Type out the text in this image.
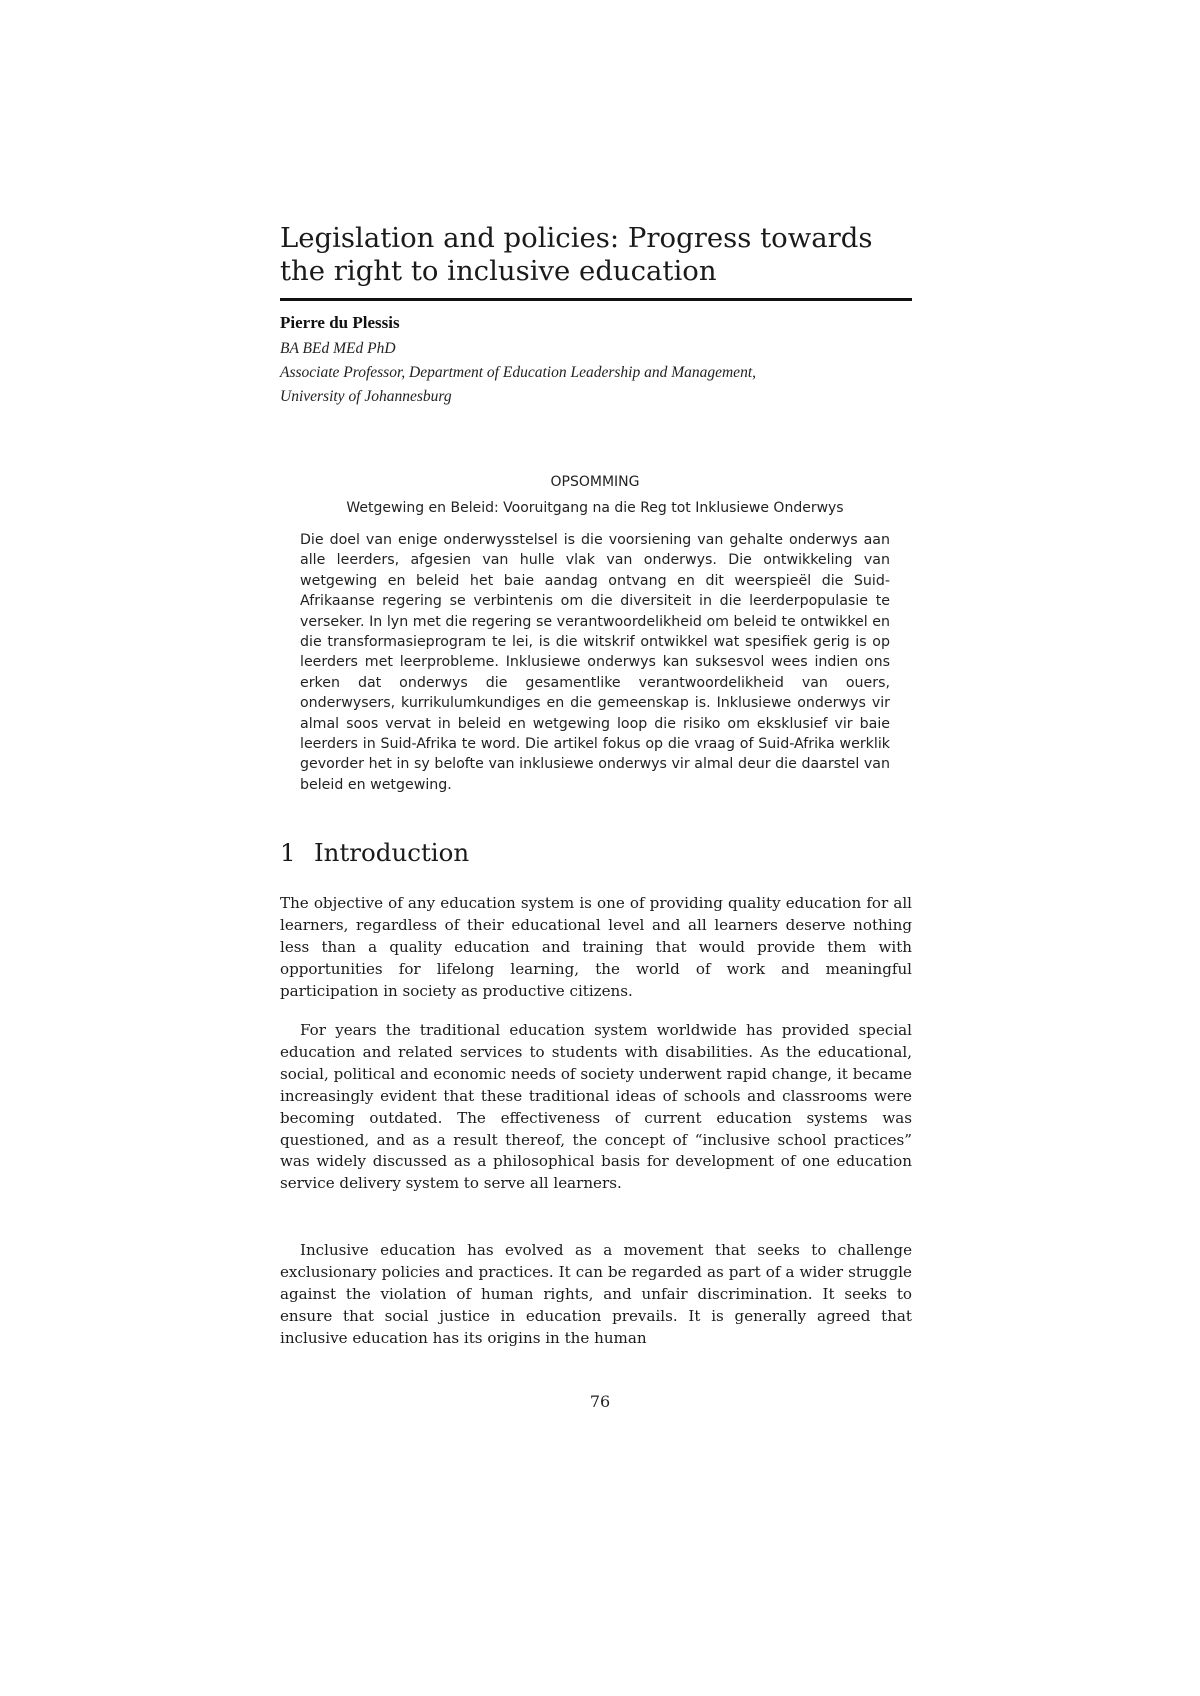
Legislation and policies: Progress towards the right to inclusive education
Pierre du Plessis
BA BEd MEd PhD
Associate Professor, Department of Education Leadership and Management,
University of Johannesburg
OPSOMMING
Wetgewing en Beleid: Vooruitgang na die Reg tot Inklusiewe Onderwys

Die doel van enige onderwysstelsel is die voorsiening van gehalte onderwys aan alle leerders, afgesien van hulle vlak van onderwys. Die ontwikkeling van wetgewing en beleid het baie aandag ontvang en dit weerspieël die Suid-Afrikaanse regering se verbintenis om die diversiteit in die leerderpopulasie te verseker. In lyn met die regering se verantwoordelikheid om beleid te ontwikkel en die transformasieprogram te lei, is die witskrif ontwikkel wat spesifiek gerig is op leerders met leerprobleme. Inklusiewe onderwys kan suksesvol wees indien ons erken dat onderwys die gesamentlike verantwoordelikheid van ouers, onderwysers, kurrikulumkundiges en die gemeenskap is. Inklusiewe onderwys vir almal soos vervat in beleid en wetgewing loop die risiko om eksklusief vir baie leerders in Suid-Afrika te word. Die artikel fokus op die vraag of Suid-Afrika werklik gevorder het in sy belofte van inklusiewe onderwys vir almal deur die daarstel van beleid en wetgewing.

1 Introduction

The objective of any education system is one of providing quality education for all learners, regardless of their educational level and all learners deserve nothing less than a quality education and training that would provide them with opportunities for lifelong learning, the world of work and meaningful participation in society as productive citizens.

For years the traditional education system worldwide has provided special education and related services to students with disabilities. As the educational, social, political and economic needs of society underwent rapid change, it became increasingly evident that these traditional ideas of schools and classrooms were becoming outdated. The effectiveness of current education systems was questioned, and as a result thereof, the concept of “inclusive school practices” was widely discussed as a philosophical basis for development of one education service delivery system to serve all learners.

Inclusive education has evolved as a movement that seeks to challenge exclusionary policies and practices. It can be regarded as part of a wider struggle against the violation of human rights, and unfair discrimination. It seeks to ensure that social justice in education prevails. It is generally agreed that inclusive education has its origins in the human

76
